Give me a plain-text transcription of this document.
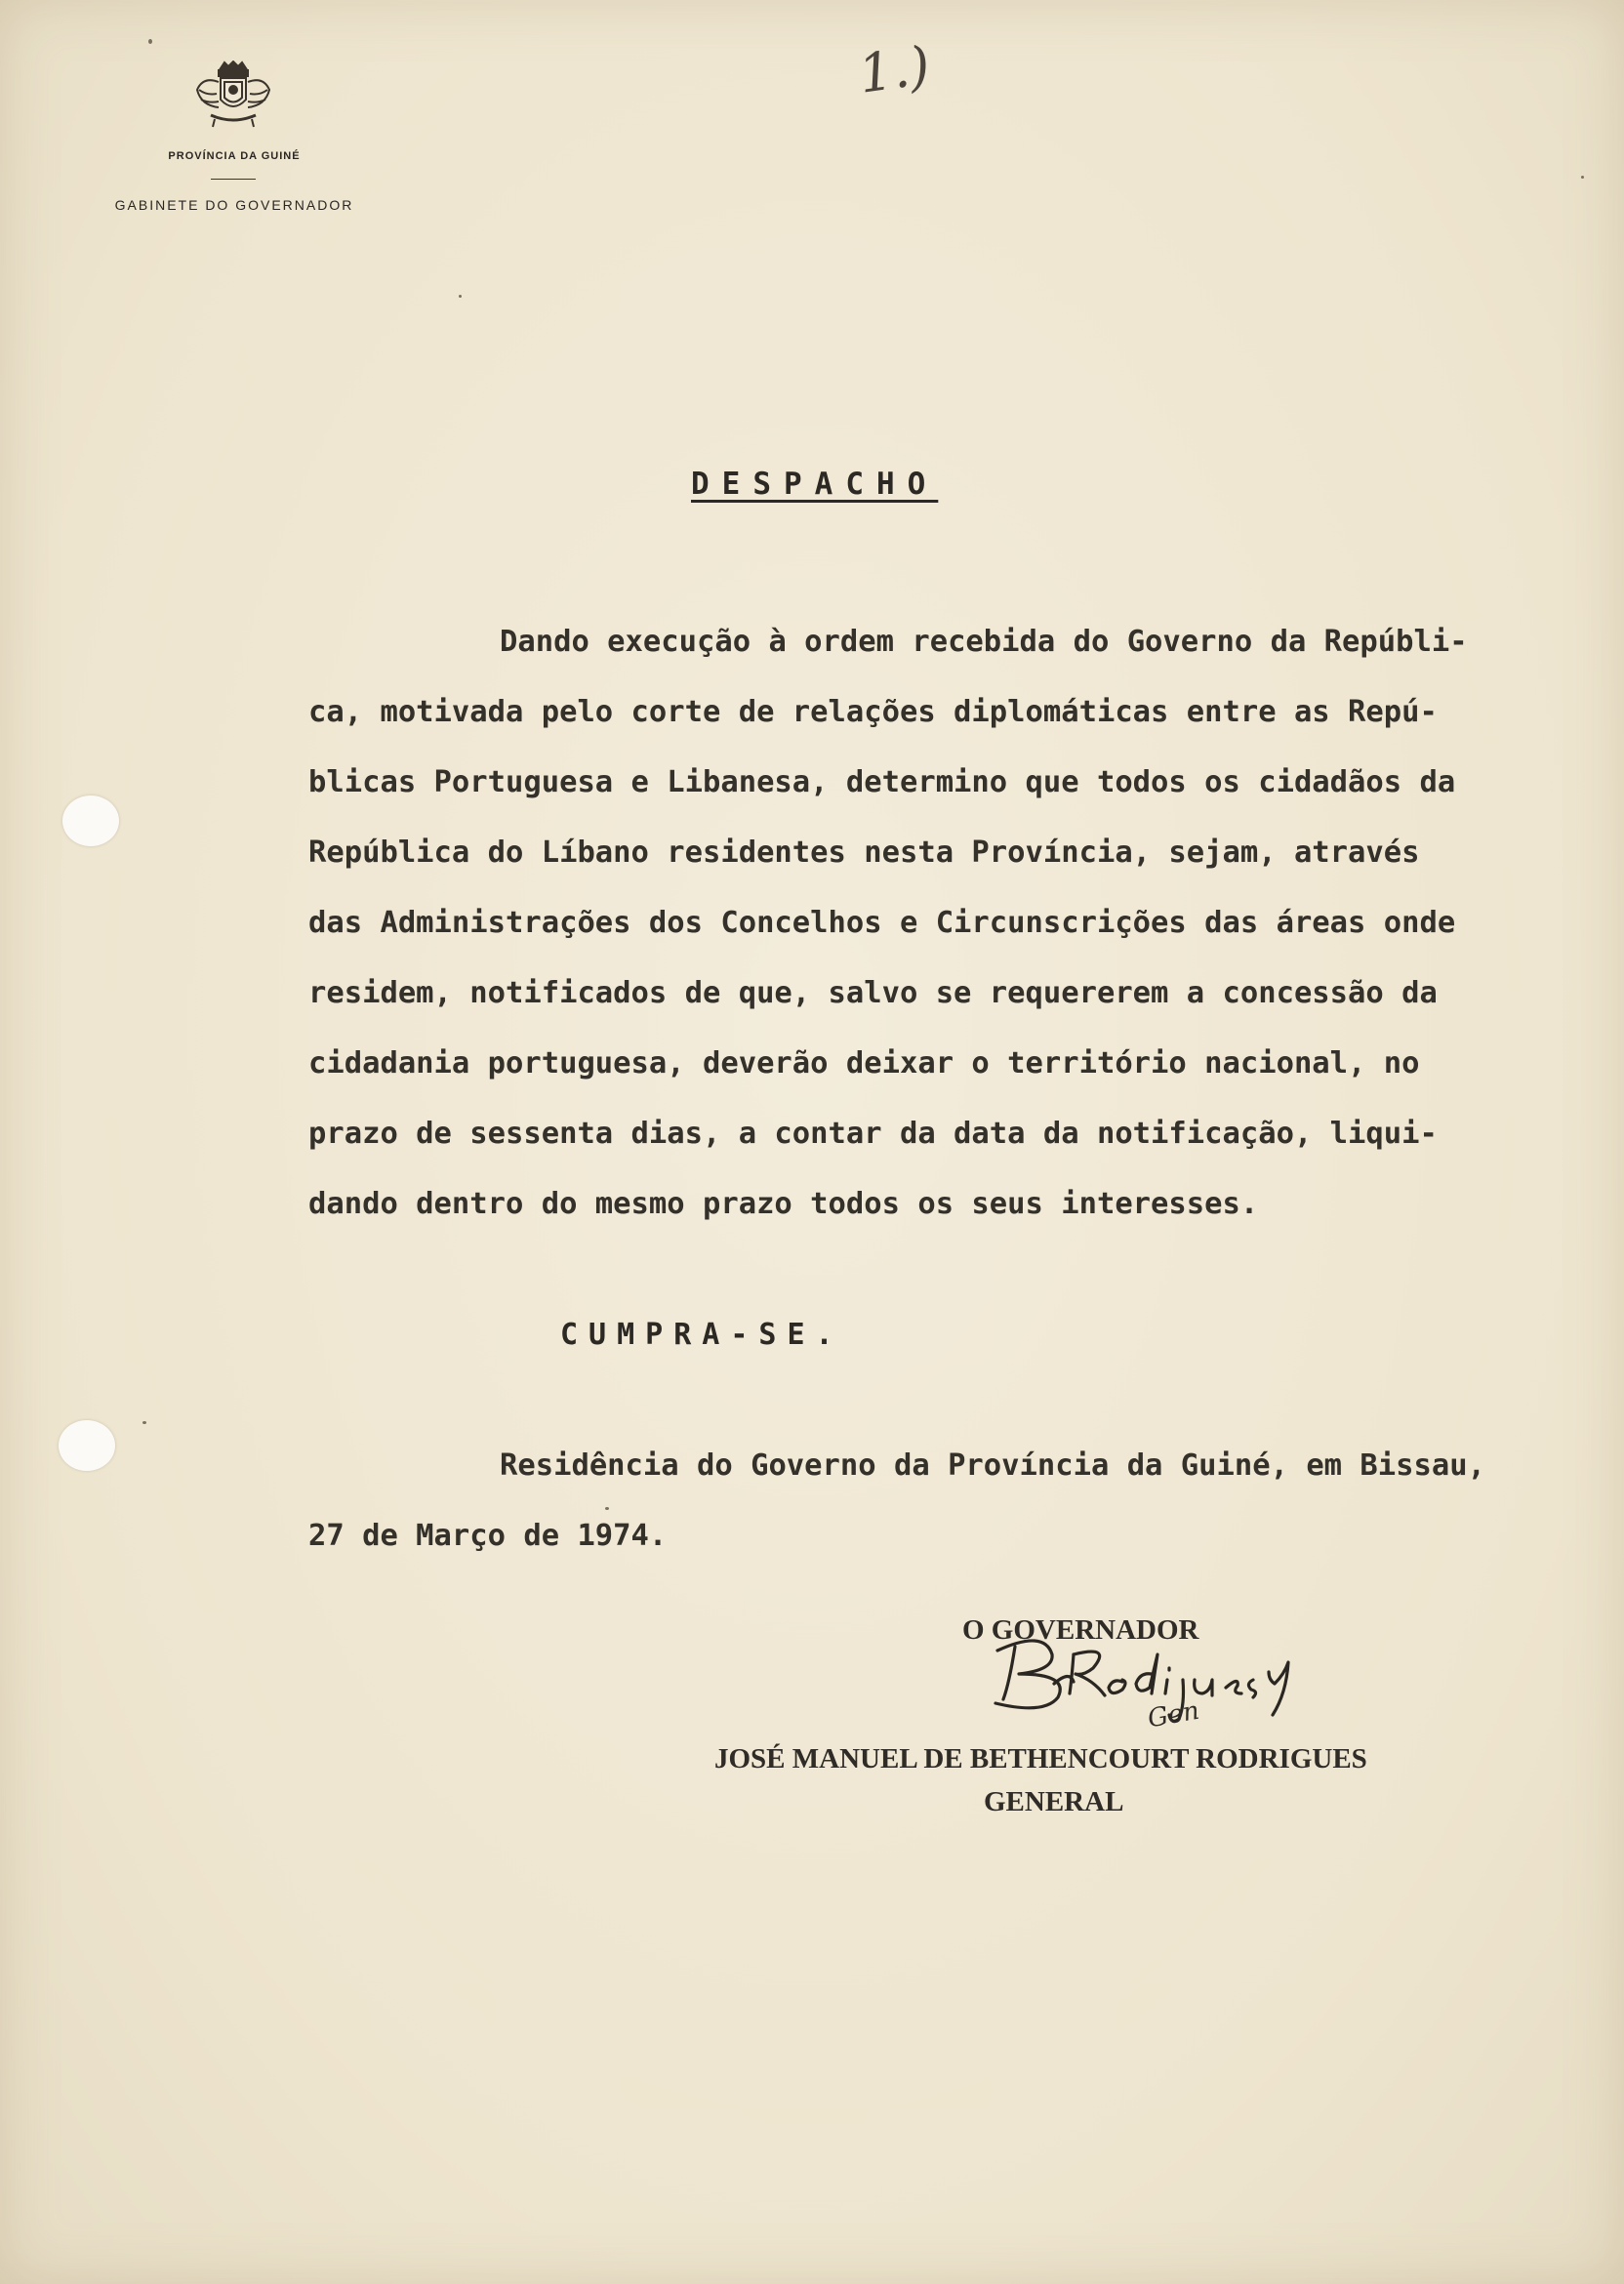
PROVÍNCIA DA GUINÉ
GABINETE DO GOVERNADOR
1.)
DESPACHO
Dando execução à ordem recebida do Governo da Repúbli-
ca, motivada pelo corte de relações diplomáticas entre as Repú-
blicas Portuguesa e Libanesa, determino que todos os cidadãos da
República do Líbano residentes nesta Província, sejam, através
das Administrações dos Concelhos e Circunscrições das áreas onde
residem, notificados de que, salvo se requererem a concessão da
cidadania portuguesa, deverão deixar o território nacional, no
prazo de sessenta dias, a contar da data da notificação, liqui-
dando dentro do mesmo prazo todos os seus interesses.
CUMPRA-SE.
Residência do Governo da Província da Guiné, em Bissau,
27 de Março de 1974.
O GOVERNADOR
Gen
JOSÉ MANUEL DE BETHENCOURT RODRIGUES
GENERAL
